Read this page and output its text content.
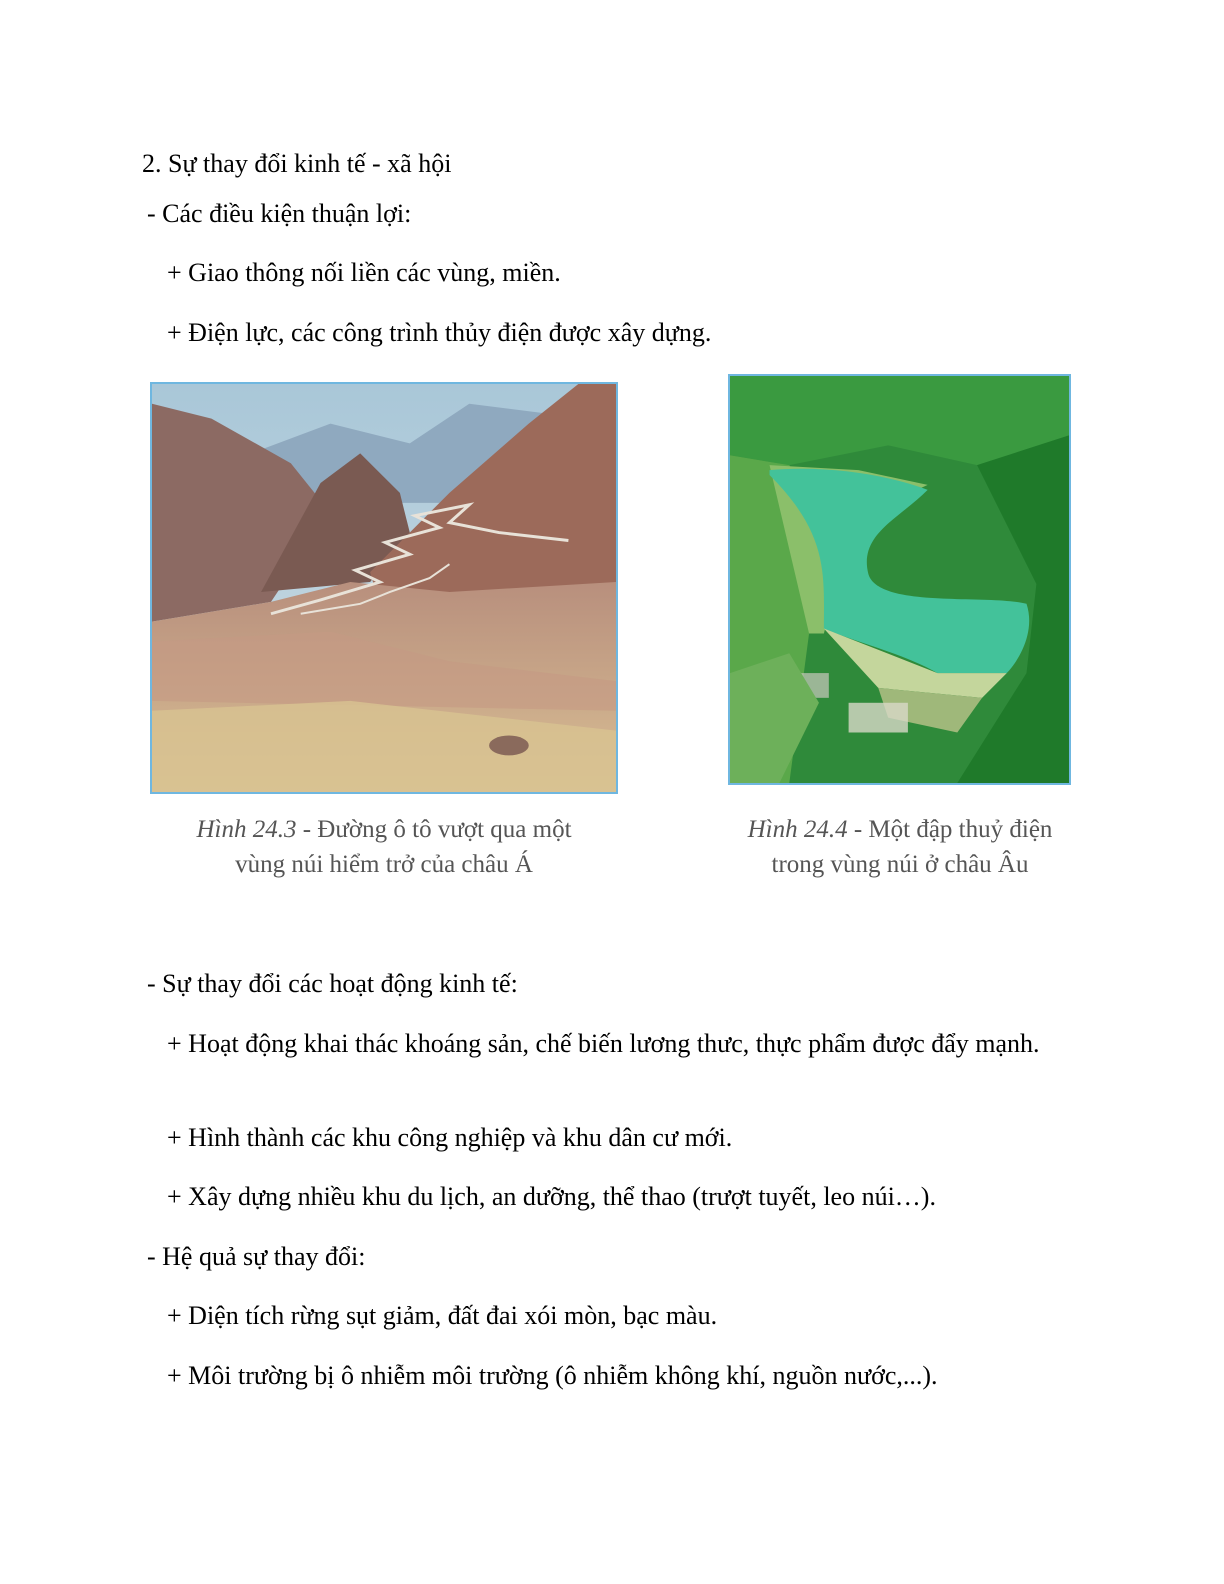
2. Sự thay đổi kinh tế - xã hội
- Các điều kiện thuận lợi:
+ Giao thông nối liền các vùng, miền.
+ Điện lực, các công trình thủy điện được xây dựng.
Hình 24.3 - Đường ô tô vượt qua một
vùng núi hiểm trở của châu Á
Hình 24.4 - Một đập thuỷ điện
trong vùng núi ở châu Âu
- Sự thay đổi các hoạt động kinh tế:
+ Hoạt động khai thác khoáng sản, chế biến lương thưc, thực phẩm được đẩy mạnh.
+ Hình thành các khu công nghiệp và khu dân cư mới.
+ Xây dựng nhiều khu du lịch, an dưỡng, thể thao (trượt tuyết, leo núi…).
- Hệ quả sự thay đổi:
+ Diện tích rừng sụt giảm, đất đai xói mòn, bạc màu.
+ Môi trường bị ô nhiễm môi trường (ô nhiễm không khí, nguồn nước,...).
